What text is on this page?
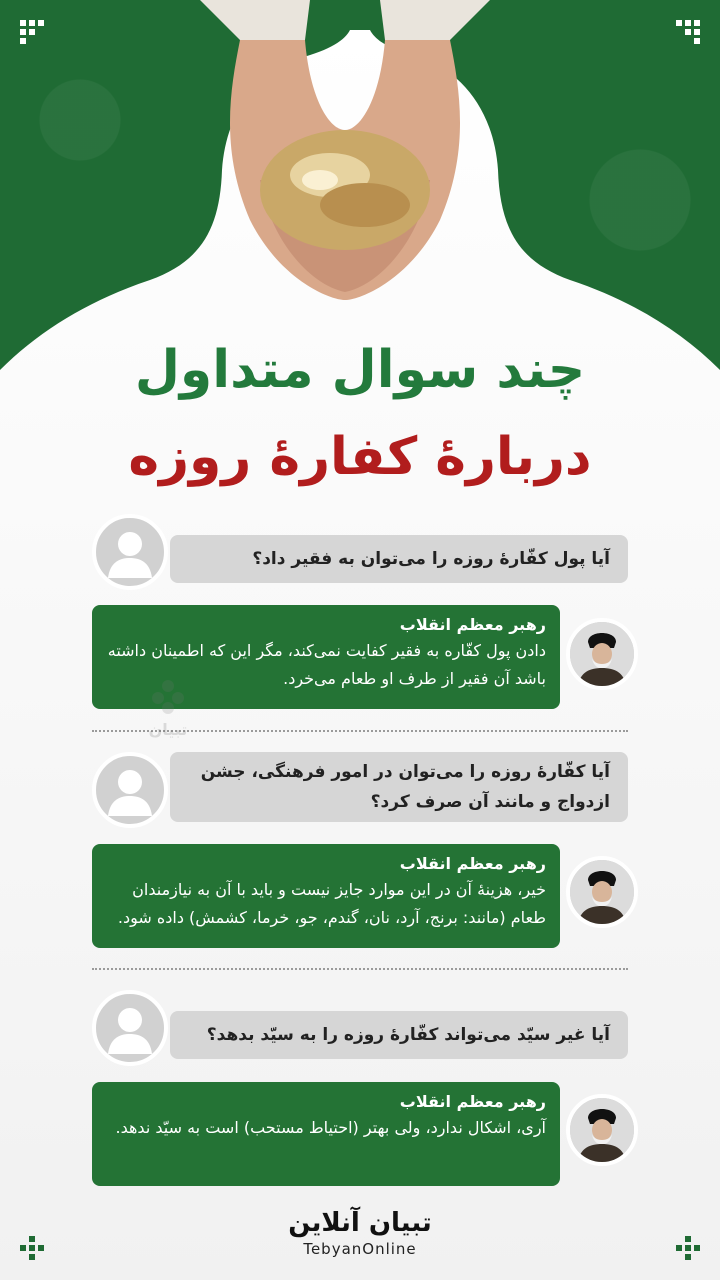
چند سوال متداول
دربارهٔ کفارهٔ روزه
آیا پول کفّارهٔ روزه را می‌توان به فقیر داد؟
رهبر معظم انقلاب
دادن پول کفّاره به فقیر کفایت نمی‌کند، مگر این که اطمینان داشته باشد آن فقیر از طرف او طعام می‌خرد.
تبیان
آیا کفّارهٔ روزه را می‌توان در امور فرهنگی، جشن ازدواج و مانند آن صرف کرد؟
رهبر معظم انقلاب
خیر، هزینهٔ آن در این موارد جایز نیست و باید با آن به نیازمندان طعام (مانند: برنج، آرد، نان، گندم، جو، خرما، کشمش) داده شود.
آیا غیر سیّد می‌تواند کفّارهٔ روزه را به سیّد بدهد؟
رهبر معظم انقلاب
آری، اشکال ندارد، ولی بهتر (احتیاط مستحب) است به سیّد ندهد.
تبیان آنلاین
TebyanOnline
